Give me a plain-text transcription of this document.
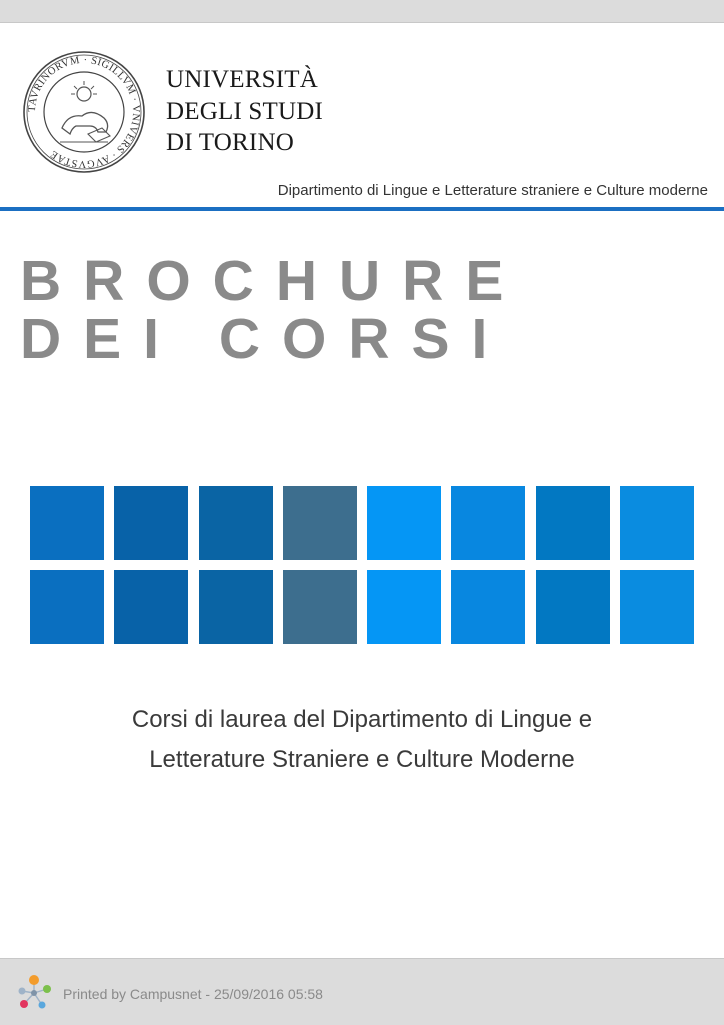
TAVRINORVM · SIGILLVM · VNIVERS · AVGVSTAE
UNIVERSITÀ
DEGLI STUDI
DI TORINO
Dipartimento di Lingue e Letterature straniere e Culture moderne
BROCHURE
DEI CORSI
Corsi di laurea del Dipartimento di Lingue e
Letterature Straniere e Culture Moderne
Printed by Campusnet - 25/09/2016 05:58
